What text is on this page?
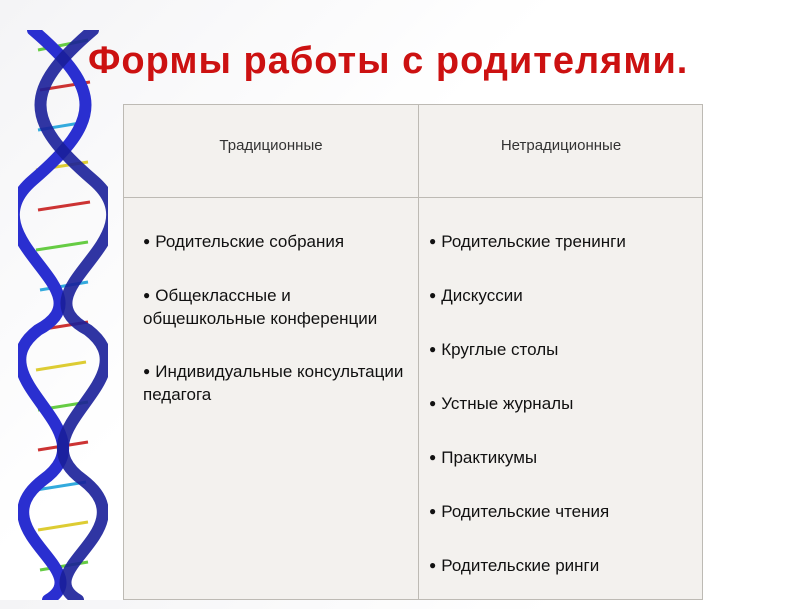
Формы работы с родителями.
Традиционные	Нетрадиционные
● Родительские собрания
● Общеклассные и общешкольные конференции
● Индивидуальные консультации педагога
● Родительские тренинги
● Дискуссии
● Круглые столы
● Устные журналы
● Практикумы
● Родительские чтения
● Родительские ринги
